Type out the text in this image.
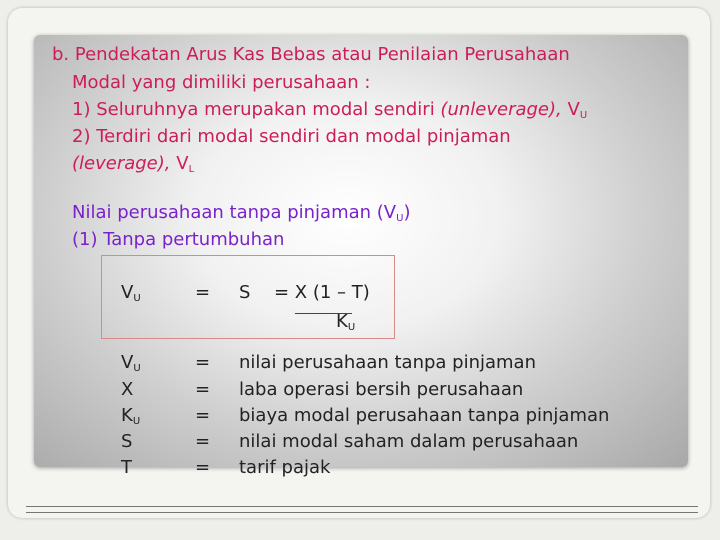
b. Pendekatan Arus Kas Bebas atau Penilaian Perusahaan
Modal yang dimiliki perusahaan :
1) Seluruhnya merupakan modal sendiri (unleverage), $V_U$
2) Terdiri dari modal sendiri dan modal pinjaman
(leverage), $V_L$
Nilai perusahaan tanpa pinjaman $(V_U)$
(1) Tanpa pertumbuhan
$V_U$	= S = X (1 – T)
$K_U$
$V_U$	= nilai perusahaan tanpa pinjaman
X	= laba operasi bersih perusahaan
$K_U$	= biaya modal perusahaan tanpa pinjaman
S	= nilai modal saham dalam perusahaan
T	= tarif pajak
